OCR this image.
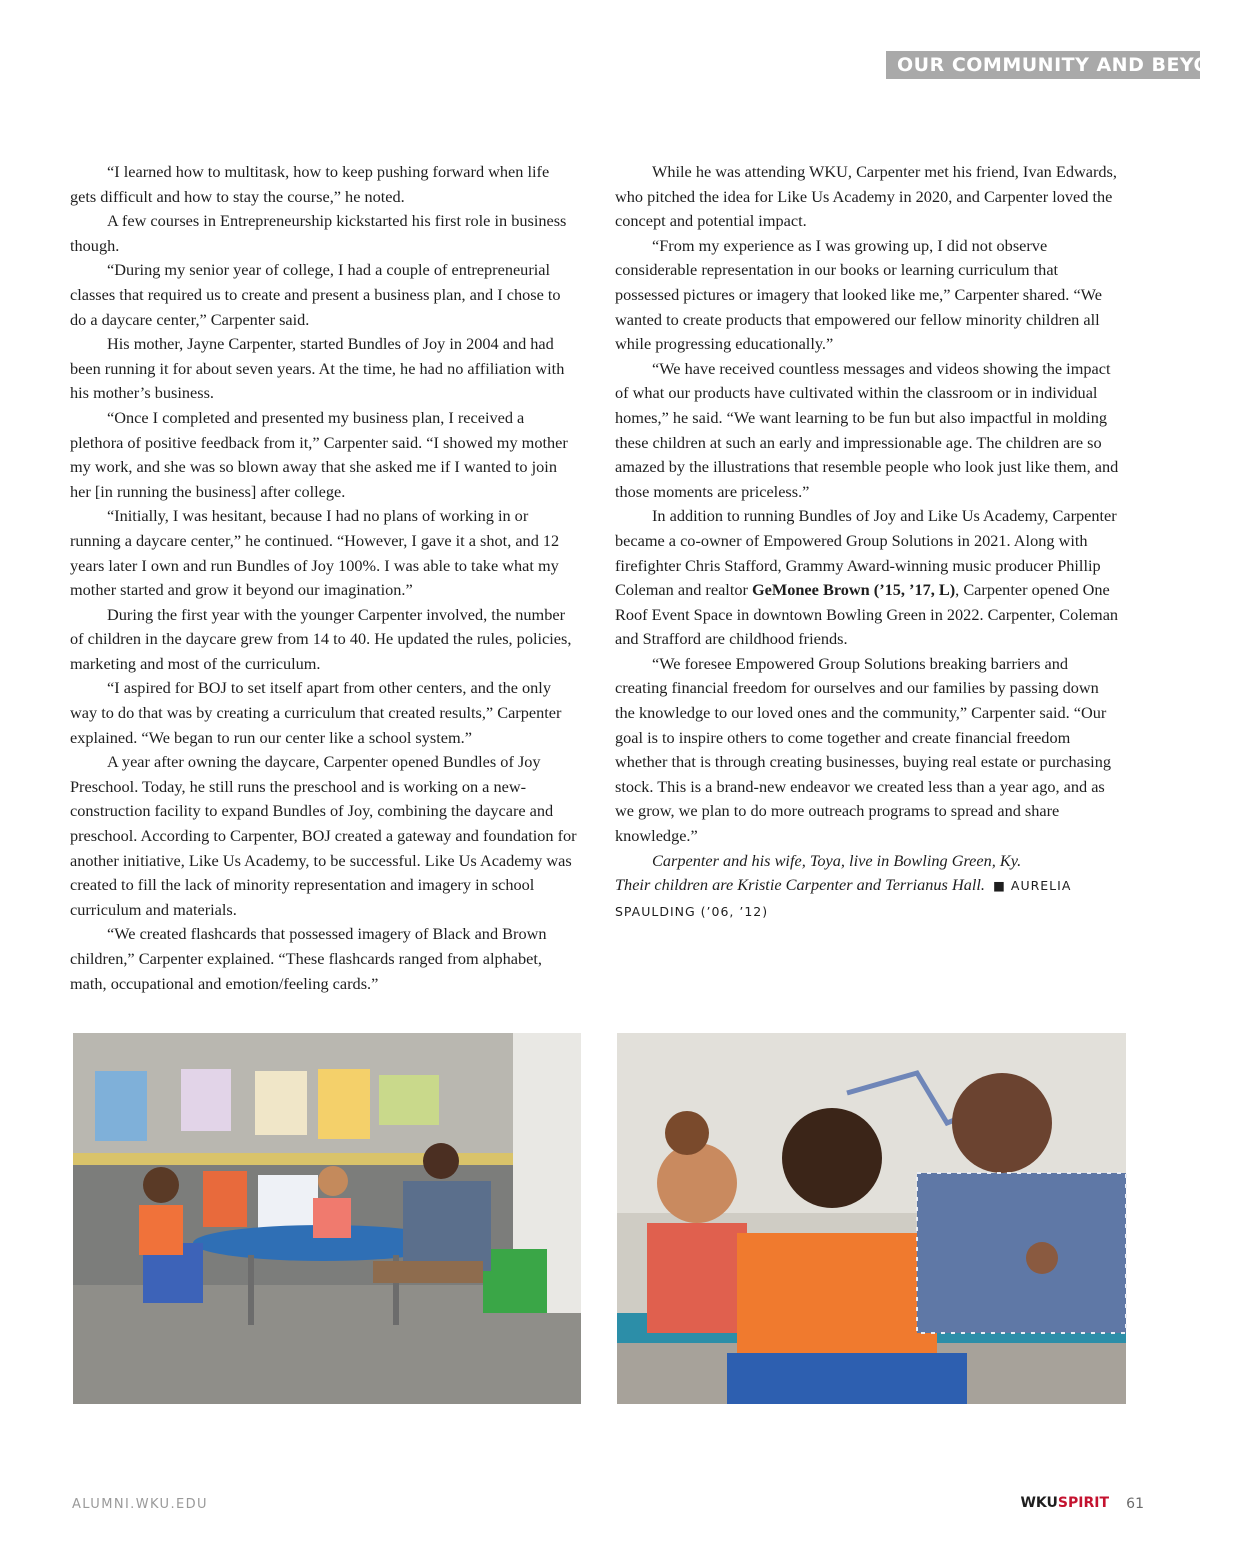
OUR COMMUNITY AND BEYOND

“I learned how to multitask, how to keep pushing forward when life gets difficult and how to stay the course,” he noted.

A few courses in Entrepreneurship kickstarted his first role in business though.

“During my senior year of college, I had a couple of entrepreneurial classes that required us to create and present a business plan, and I chose to do a daycare center,” Carpenter said.

His mother, Jayne Carpenter, started Bundles of Joy in 2004 and had been running it for about seven years. At the time, he had no affiliation with his mother’s business.

“Once I completed and presented my business plan, I received a plethora of positive feedback from it,” Carpenter said. “I showed my mother my work, and she was so blown away that she asked me if I wanted to join her [in running the business] after college.

“Initially, I was hesitant, because I had no plans of working in or running a daycare center,” he continued. “However, I gave it a shot, and 12 years later I own and run Bundles of Joy 100%. I was able to take what my mother started and grow it beyond our imagination.”

During the first year with the younger Carpenter involved, the number of children in the daycare grew from 14 to 40. He updated the rules, policies, marketing and most of the curriculum.

“I aspired for BOJ to set itself apart from other centers, and the only way to do that was by creating a curriculum that created results,” Carpenter explained. “We began to run our center like a school system.”

A year after owning the daycare, Carpenter opened Bundles of Joy Preschool. Today, he still runs the preschool and is working on a new-construction facility to expand Bundles of Joy, combining the daycare and preschool. According to Carpenter, BOJ created a gateway and foundation for another initiative, Like Us Academy, to be successful. Like Us Academy was created to fill the lack of minority representation and imagery in school curriculum and materials.

“We created flashcards that possessed imagery of Black and Brown children,” Carpenter explained. “These flashcards ranged from alphabet, math, occupational and emotion/feeling cards.”

While he was attending WKU, Carpenter met his friend, Ivan Edwards, who pitched the idea for Like Us Academy in 2020, and Carpenter loved the concept and potential impact.

“From my experience as I was growing up, I did not observe considerable representation in our books or learning curriculum that possessed pictures or imagery that looked like me,” Carpenter shared. “We wanted to create products that empowered our fellow minority children all while progressing educationally.”

“We have received countless messages and videos showing the impact of what our products have cultivated within the classroom or in individual homes,” he said. “We want learning to be fun but also impactful in molding these children at such an early and impressionable age. The children are so amazed by the illustrations that resemble people who look just like them, and those moments are priceless.”

In addition to running Bundles of Joy and Like Us Academy, Carpenter became a co-owner of Empowered Group Solutions in 2021. Along with firefighter Chris Stafford, Grammy Award-winning music producer Phillip Coleman and realtor GeMonee Brown (’15, ’17, L), Carpenter opened One Roof Event Space in downtown Bowling Green in 2022. Carpenter, Coleman and Strafford are childhood friends.

“We foresee Empowered Group Solutions breaking barriers and creating financial freedom for ourselves and our families by passing down the knowledge to our loved ones and the community,” Carpenter said. “Our goal is to inspire others to come together and create financial freedom whether that is through creating businesses, buying real estate or purchasing stock. This is a brand-new endeavor we created less than a year ago, and as we grow, we plan to do more outreach programs to spread and share knowledge.”

Carpenter and his wife, Toya, live in Bowling Green, Ky.

Their children are Kristie Carpenter and Terrianus Hall. ■ AURELIA SPAULDING (’06, ’12)

ALUMNI.WKU.EDU	WKUSPIRIT 61
